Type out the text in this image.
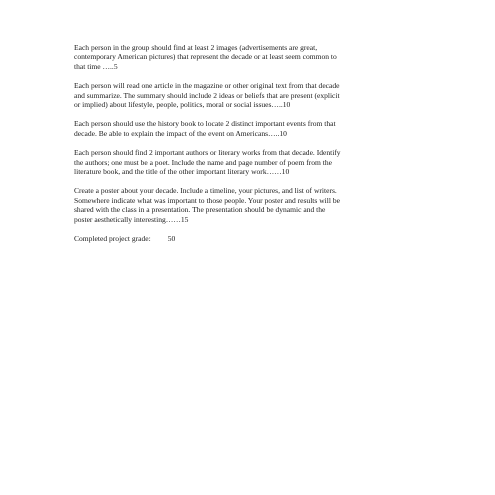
Each person in the group should find at least 2 images (advertisements are great,
contemporary American pictures) that represent the decade or at least seem common to
that time …..5

Each person will read one article in the magazine or other original text from that decade
and summarize. The summary should include 2 ideas or beliefs that are present (explicit
or implied) about lifestyle, people, politics, moral or social issues…..10

Each person should use the history book to locate 2 distinct important events from that
decade. Be able to explain the impact of the event on Americans…..10

Each person should find 2 important authors or literary works from that decade. Identify
the authors; one must be a poet. Include the name and page number of poem from the
literature book, and the title of the other important literary work……10

Create a poster about your decade. Include a timeline, your pictures, and list of writers.
Somewhere indicate what was important to those people. Your poster and results will be
shared with the class in a presentation. The presentation should be dynamic and the
poster aesthetically interesting……15

Completed project grade: 50
